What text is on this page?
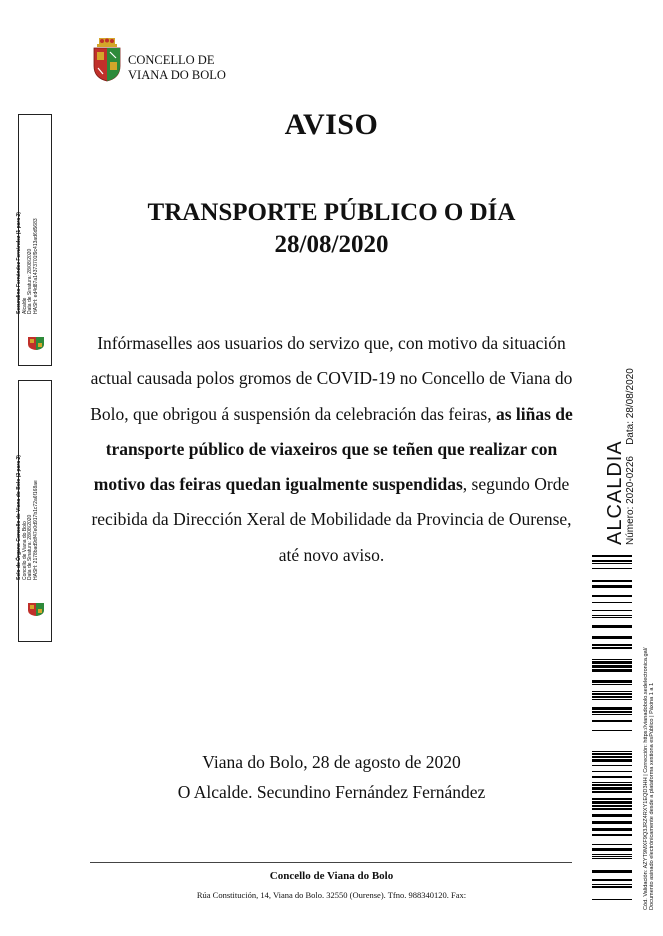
CONCELLO DE
VIANA DO BOLO
AVISO
TRANSPORTE PÚBLICO O DÍA
28/08/2020
Infórmaselles aos usuarios do servizo que, con motivo da situación actual causada polos gromos de COVID-19 no Concello de Viana do Bolo, que obrigou á suspensión da celebración das feiras, as liñas de transporte público de viaxeiros que se teñen que realizar con motivo das feiras quedan igualmente suspendidas, segundo Orde recibida da Dirección Xeral de Mobilidade da Provincia de Ourense, até novo aviso.
Viana do Bolo, 28 de agosto de 2020
O Alcalde. Secundino Fernández Fernández
Concello de Viana do Bolo
Rúa Constitución, 14, Viana do Bolo. 32550 (Ourense). Tfno. 988340120. Fax:
Secundino Fernández Fernández (1 para 2) Alcalde Data de Sinatura: 28/08/2020 HASH: ed4d87a14373701f9c413ad6d5683
Selo de Órgano Concello de Viana do Bolo (2 para 2) Concello de Viana do Bolo Data de Sinatura: 28/08/2020 HASH: 2178bad9df47e0d917b1c72a6f168ae	ALCALDIA Número: 2020-0226    Data: 28/08/2020
Cód. Validación: AZYT9MXF9Q3JRZ4RXY1EQD3HH | Corrección: https://vianadobolo.sedelectronica.gal/ Documento asinado electrónicamente desde a plataforma xestiona esPúblico | Páxina 1 a 1
